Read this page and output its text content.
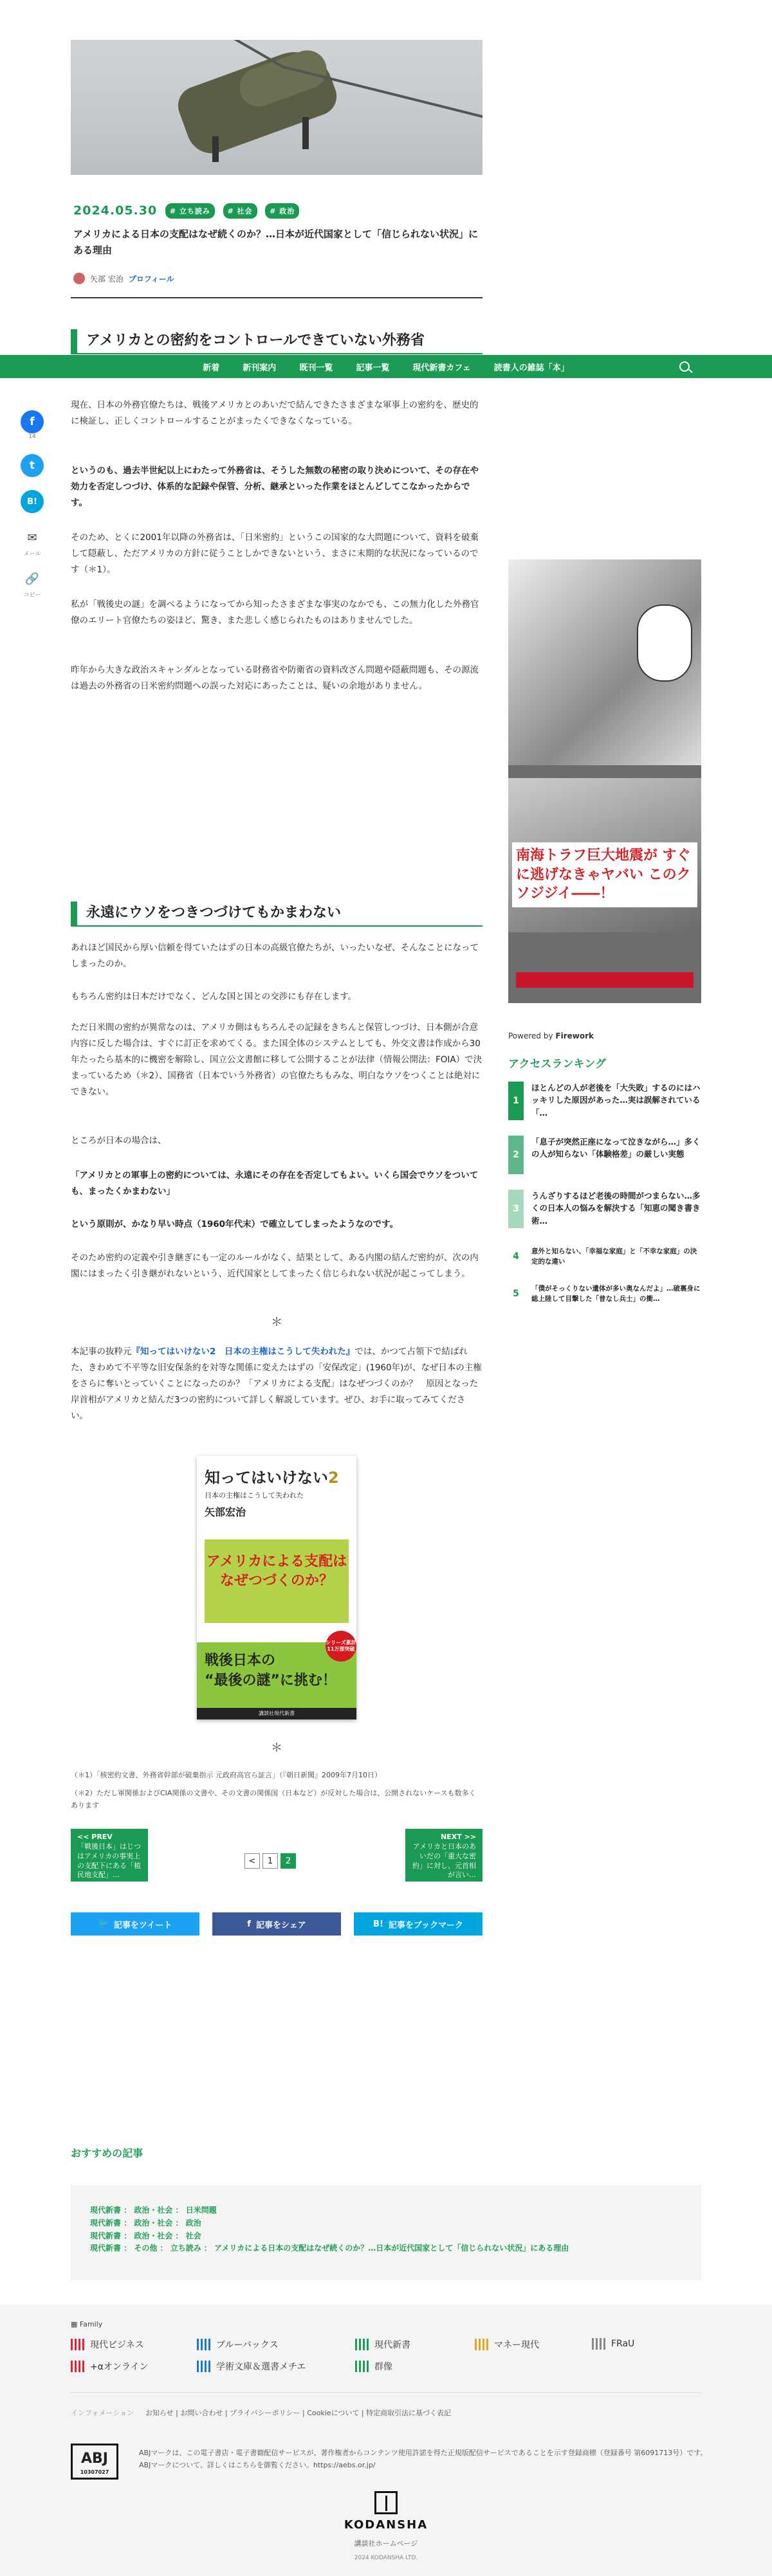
2024.05.30 # 立ち読み # 社会 # 政治
アメリカによる日本の支配はなぜ続くのか？…日本が近代国家として「信じられない状況」にある理由
矢部 宏治 プロフィール
アメリカとの密約をコントロールできていない外務省
新着	新刊案内	既刊一覧	記事一覧	現代新書カフェ	読書人の雑誌「本」
f
14
t
B!
✉
メール
🔗
コピー

現在、日本の外務官僚たちは、戦後アメリカとのあいだで結んできたさまざまな軍事上の密約を、歴史的に検証し、正しくコントロールすることがまったくできなくなっている。

というのも、過去半世紀以上にわたって外務省は、そうした無数の秘密の取り決めについて、その存在や効力を否定しつづけ、体系的な記録や保管、分析、継承といった作業をほとんどしてこなかったからです。

そのため、とくに2001年以降の外務省は、「日米密約」というこの国家的な大問題について、資料を破棄して隠蔽し、ただアメリカの方針に従うことしかできないという、まさに末期的な状況になっているのです（＊1）。

私が「戦後史の謎」を調べるようになってから知ったさまざまな事実のなかでも、この無力化した外務官僚のエリート官僚たちの姿ほど、驚き、また悲しく感じられたものはありませんでした。

昨年から大きな政治スキャンダルとなっている財務省や防衛省の資料改ざん問題や隠蔽問題も、その源流は過去の外務省の日米密約問題への誤った対応にあったことは、疑いの余地がありません。

永遠にウソをつきつづけてもかまわない

あれほど国民から厚い信頼を得ていたはずの日本の高級官僚たちが、いったいなぜ、そんなことになってしまったのか。

もちろん密約は日本だけでなく、どんな国と国との交渉にも存在します。

ただ日米間の密約が異常なのは、アメリカ側はもちろんその記録をきちんと保管しつづけ、日本側が合意内容に反した場合は、すぐに訂正を求めてくる。また国全体のシステムとしても、外交文書は作成から30年たったら基本的に機密を解除し、国立公文書館に移して公開することが法律（情報公開法：FOIA）で決まっているため（＊2）、国務省（日本でいう外務省）の官僚たちもみな、明白なウソをつくことは絶対にできない。

ところが日本の場合は、

「アメリカとの軍事上の密約については、永遠にその存在を否定してもよい。いくら国会でウソをついても、まったくかまわない」

という原則が、かなり早い時点（1960年代末）で確立してしまったようなのです。

そのため密約の定義や引き継ぎにも一定のルールがなく、結果として、ある内閣の結んだ密約が、次の内閣にはまったく引き継がれないという、近代国家としてまったく信じられない状況が起こってしまう。

＊

本記事の抜粋元『知ってはいけない2　日本の主権はこうして失われた』では、かつて占領下で結ばれた、きわめて不平等な旧安保条約を対等な関係に変えたはずの「安保改定」(1960年)が、なぜ日本の主権をさらに奪いとっていくことになったのか？「アメリカによる支配」はなぜつづくのか？　原因となった岸首相がアメリカと結んだ3つの密約について詳しく解説しています。ぜひ、お手に取ってみてください。

知ってはいけない2
日本の主権はこうして失われた
矢部宏治
アメリカによる支配はなぜつづくのか？
戦後日本の
“最後の謎”に挑む！
シリーズ累計11万部突破
講談社現代新書
＊
（＊1）「核密約文書、外務省幹部が破棄指示 元政府高官ら証言」（『朝日新聞』2009年7月10日）
（＊2）ただし軍関係およびCIA関係の文書や、その文書の関係国（日本など）が反対した場合は、公開されないケースも数多くあります
<< PREV
「戦後日本」はじつはアメリカの事実上の支配下にある「植民地支配」…
<	1	2
NEXT >>
アメリカと日本のあいだの「重大な密約」に対し、元首相が言い…
🐦 記事をツイート	f 記事をシェア	B! 記事をブックマーク
南海トラフ巨大地震が すぐに逃げなきゃヤバい このクソジジイ――！
Powered by Firework
アクセスランキング
1
ほとんどの人が老後を「大失敗」するのにはハッキリした原因があった…実は誤解されている「…
2
「息子が突然正座になって泣きながら…」多くの人が知らない「体験格差」の厳しい実態
3
うんざりするほど老後の時間がつまらない…多くの日本人の悩みを解決する「知恵の聞き書き術…
4
意外と知らない、「幸福な家庭」と「不幸な家庭」の決定的な違い
5
「僕がそっくりない遺体が多い奥なんだよ」…破裏身に総上陸して目撃した「普なし兵士」の衝…
おすすめの記事
現代新書 ： 政治・社会 ： 日米問題
現代新書 ： 政治・社会 ： 政治
現代新書 ： 政治・社会 ： 社会
現代新書 ： その他 ： 立ち読み ： アメリカによる日本の支配はなぜ続くのか？…日本が近代国家として「信じられない状況」にある理由
▦ Family
現代ビジネス	ブルーバックス	現代新書	マネー現代	FRaU
+αオンライン	学術文庫＆選書メチエ	群像
インフォメーション お知らせ | お問い合わせ | プライバシーポリシー | Cookieについて | 特定商取引法に基づく表記
ABJ
10307027
ABJマークは、この電子書店・電子書籍配信サービスが、著作権者からコンテンツ使用許諾を得た正規版配信サービスであることを示す登録商標（登録番号 第6091713号）です。ABJマークについて、詳しくはこちらを御覧ください。https://aebs.or.jp/
KODANSHA
講談社ホームページ
2024 KODANSHA LTD.
